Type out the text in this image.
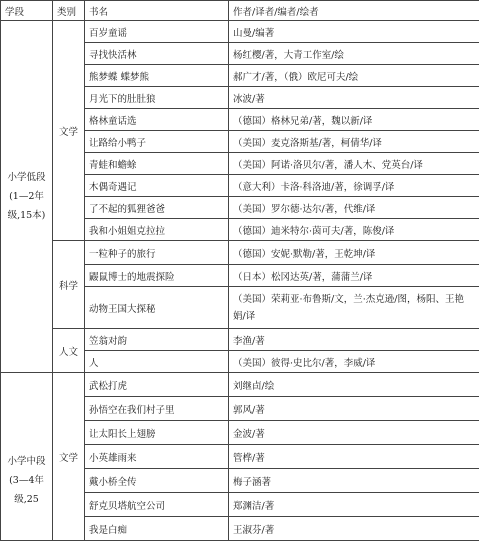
学段	类别	书名	作者/译者/编者/绘者
小学低段(1—2年级,15本)	文学	百岁童谣	山曼/编著
		寻找快活林	杨红樱/著，大青工作室/绘
		熊梦蝶 蝶梦熊	郝广才/著，（俄）欧尼可夫/绘
		月光下的肚肚狼	冰波/著
		格林童话选	（德国）格林兄弟/著，魏以新/译
		让路给小鸭子	（美国）麦克洛斯基/著，柯倩华/译
		青蛙和蟾蜍	（美国）阿诺·洛贝尔/著，潘人木、党英台/译
		木偶奇遇记	（意大利）卡洛·科洛迪/著，徐调孚/译
		了不起的狐狸爸爸	（美国）罗尔德·达尔/著，代维/译
		我和小姐姐克拉拉	（德国）迪米特尔·茵可夫/著，陈俊/译
	科学	一粒种子的旅行	（德国）安妮·默勒/著，王乾坤/译
		鼹鼠博士的地震探险	（日本）松冈达英/著，蒲蒲兰/译
		动物王国大探秘	（美国）荣莉亚·布鲁斯/文，兰·杰克逊/图，杨阳、王艳娟/译
	人文	笠翁对韵	李渔/著
		人	（美国）彼得·史比尔/著，李威/译
小学中段(3—4年级,25	文学	武松打虎	刘继卣/绘
		孙悟空在我们村子里	郭风/著
		让太阳长上翅膀	金波/著
		小英雄雨来	管桦/著
		戴小桥全传	梅子涵著
		舒克贝塔航空公司	郑渊洁/著
		我是白痴	王淑芬/著
